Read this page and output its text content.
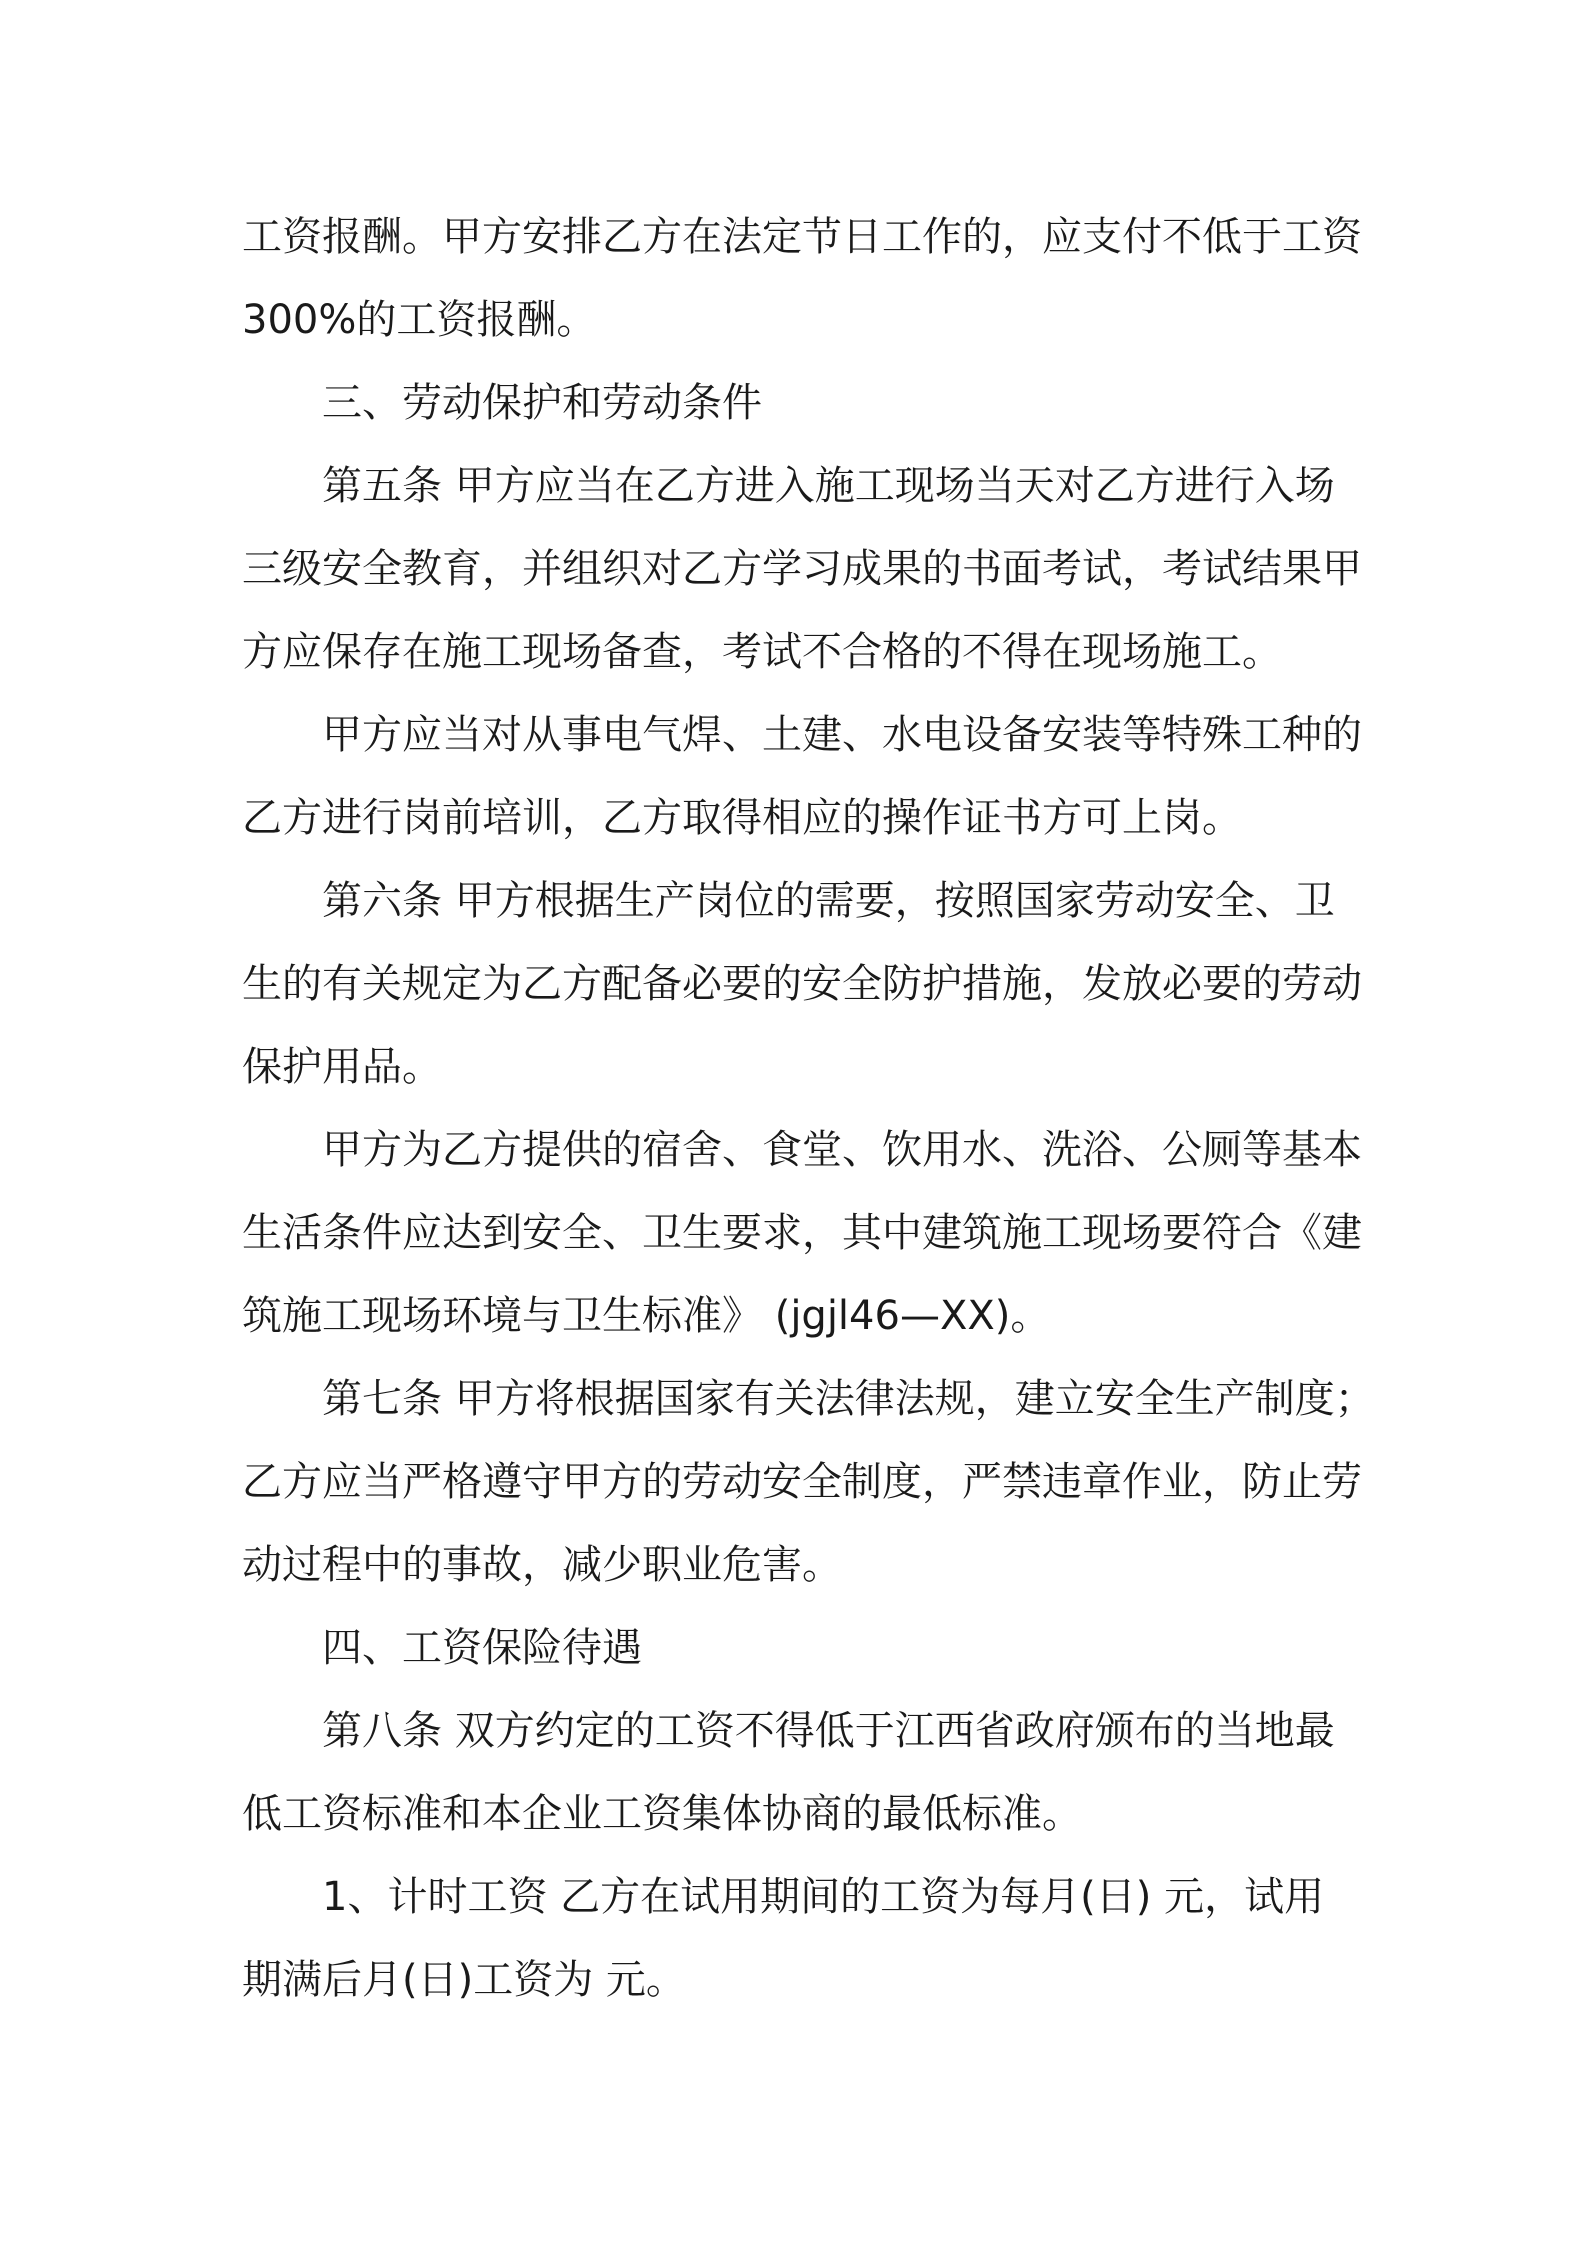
工资报酬。甲方安排乙方在法定节日工作的，应支付不低于工资
300%的工资报酬。
三、劳动保护和劳动条件
第五条 甲方应当在乙方进入施工现场当天对乙方进行入场
三级安全教育，并组织对乙方学习成果的书面考试，考试结果甲
方应保存在施工现场备查，考试不合格的不得在现场施工。
甲方应当对从事电气焊、土建、水电设备安装等特殊工种的
乙方进行岗前培训，乙方取得相应的操作证书方可上岗。
第六条 甲方根据生产岗位的需要，按照国家劳动安全、卫
生的有关规定为乙方配备必要的安全防护措施，发放必要的劳动
保护用品。
甲方为乙方提供的宿舍、食堂、饮用水、洗浴、公厕等基本
生活条件应达到安全、卫生要求，其中建筑施工现场要符合《建
筑施工现场环境与卫生标准》 (jgjl46—XX)。
第七条 甲方将根据国家有关法律法规，建立安全生产制度；
乙方应当严格遵守甲方的劳动安全制度，严禁违章作业，防止劳
动过程中的事故，减少职业危害。
四、工资保险待遇
第八条 双方约定的工资不得低于江西省政府颁布的当地最
低工资标准和本企业工资集体协商的最低标准。
1、计时工资 乙方在试用期间的工资为每月(日) 元，试用
期满后月(日)工资为 元。
